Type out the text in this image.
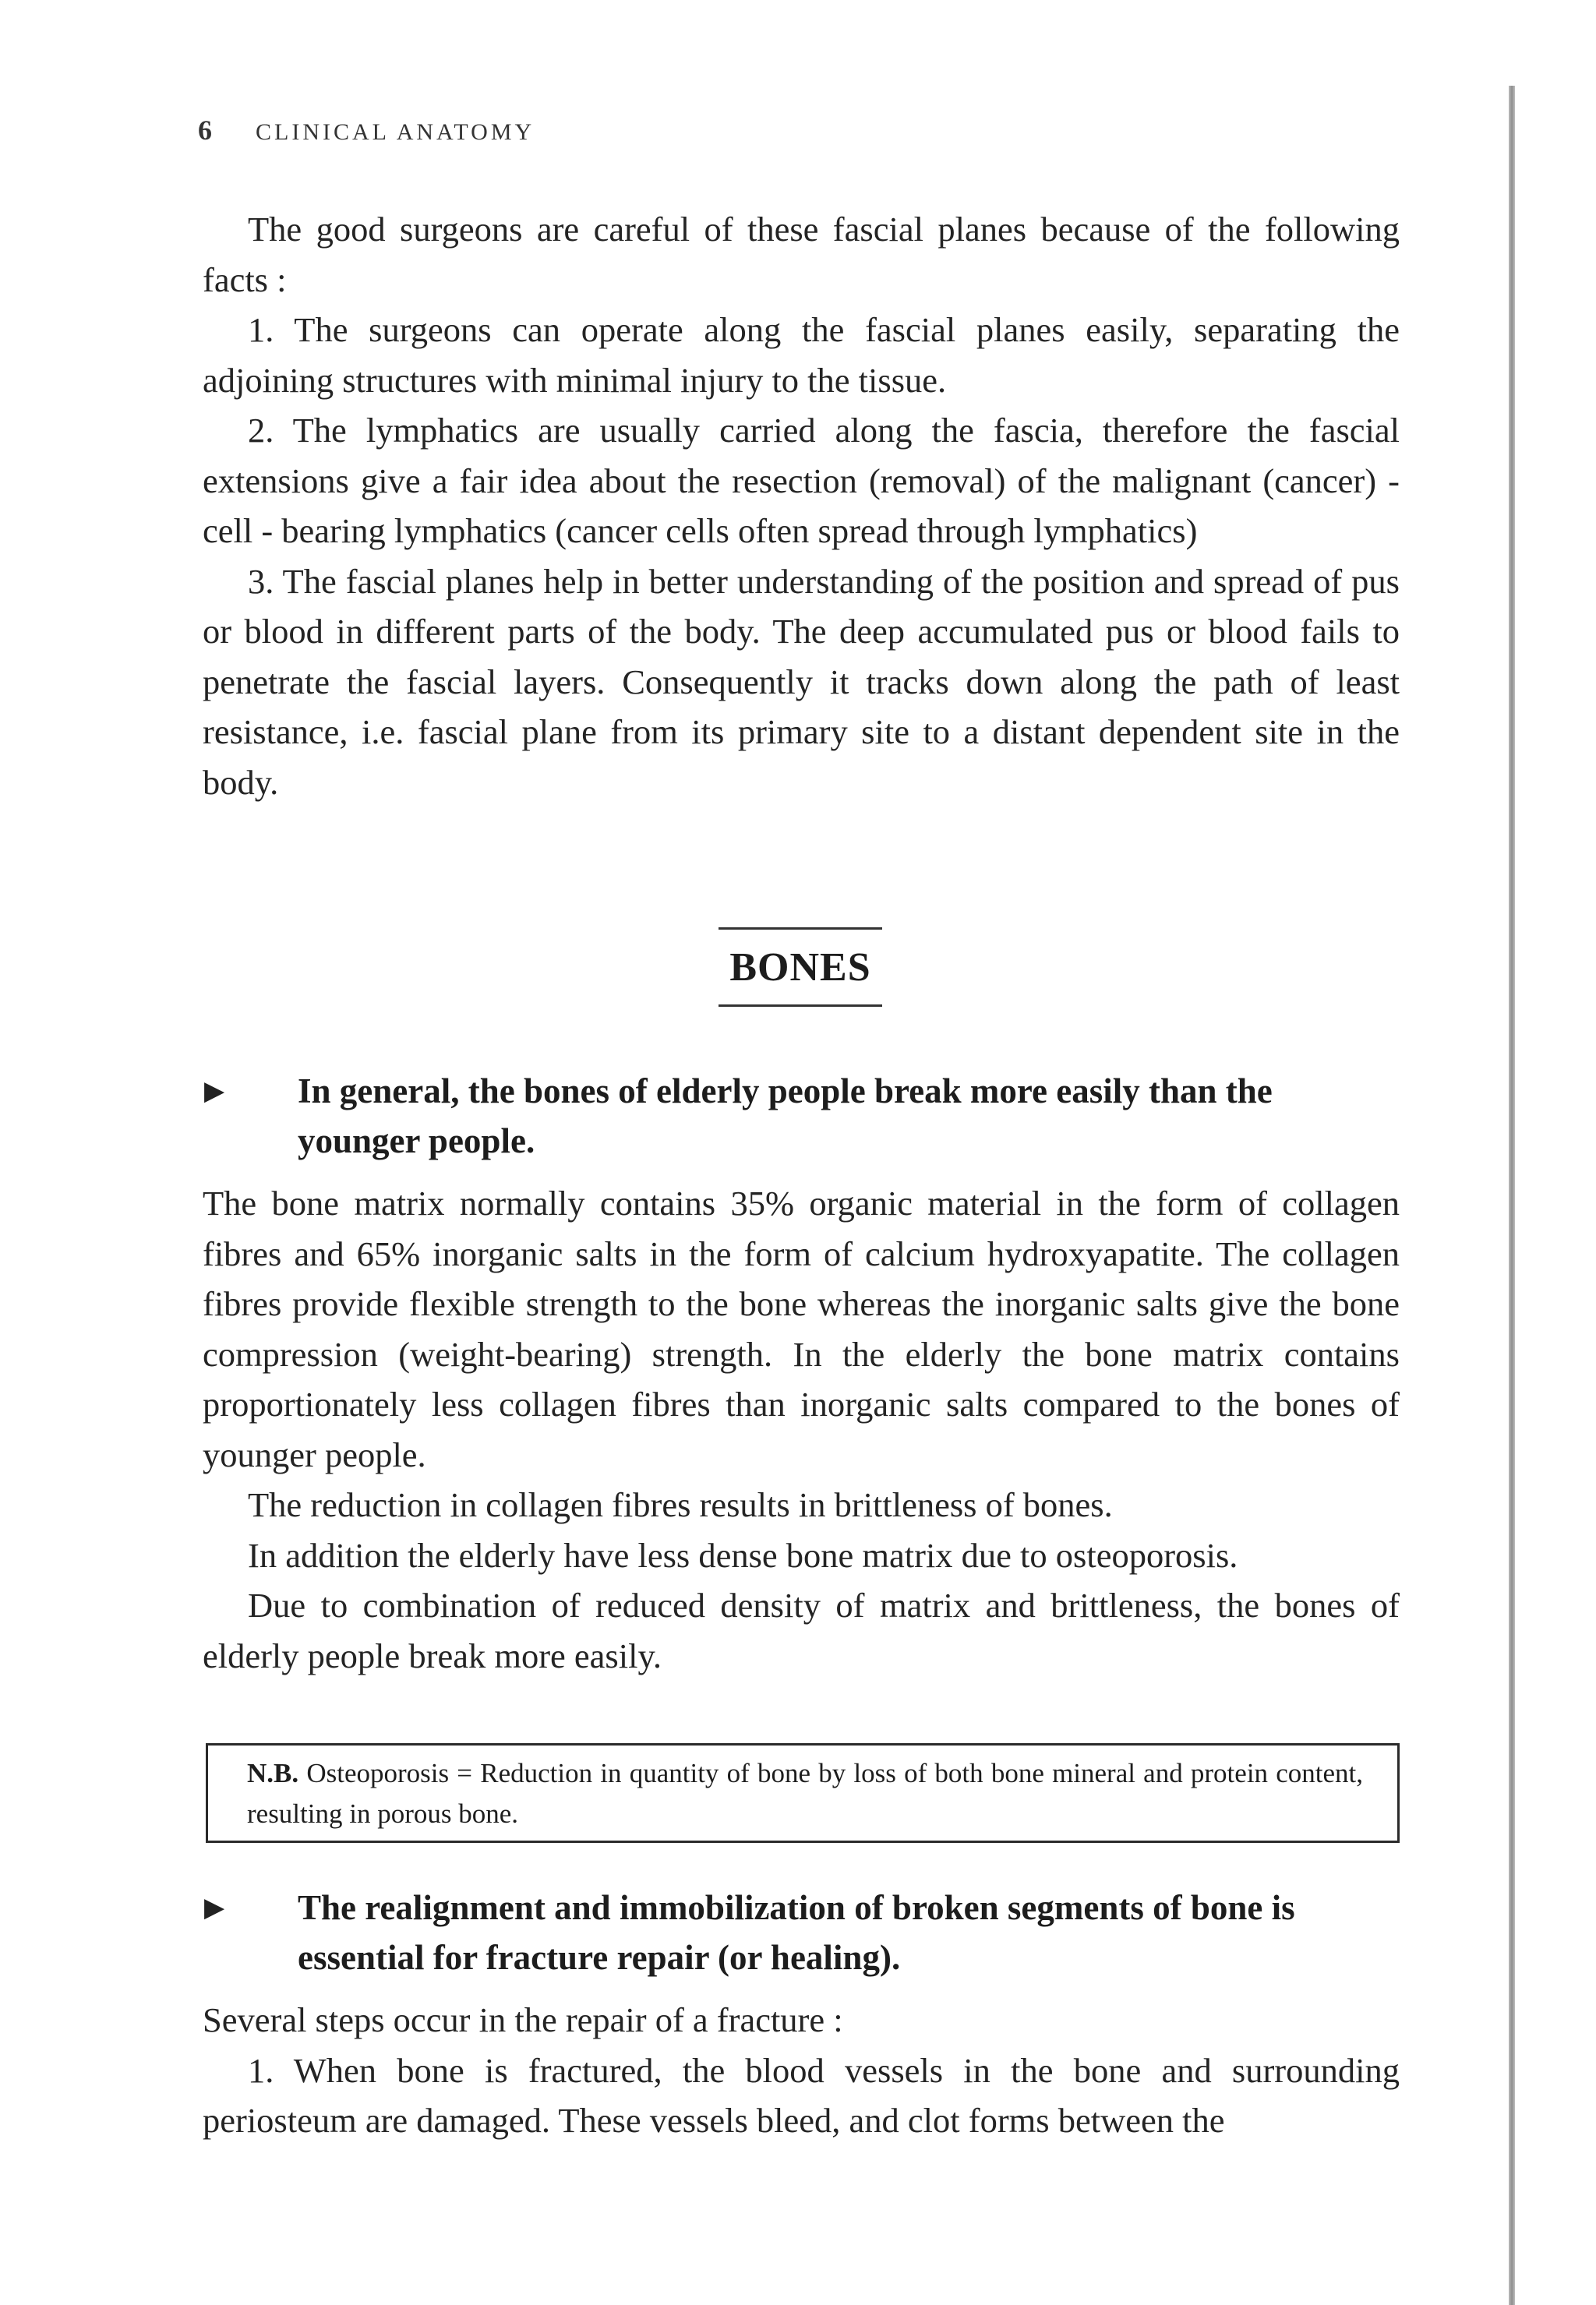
6 CLINICAL ANATOMY

The good surgeons are careful of these fascial planes because of the following facts :

1. The surgeons can operate along the fascial planes easily, separating the adjoining structures with minimal injury to the tissue.

2. The lymphatics are usually carried along the fascia, therefore the fascial extensions give a fair idea about the resection (removal) of the malignant (cancer) - cell - bearing lymphatics (cancer cells often spread through lymphatics)

3. The fascial planes help in better understanding of the position and spread of pus or blood in different parts of the body. The deep accumulated pus or blood fails to penetrate the fascial layers. Consequently it tracks down along the path of least resistance, i.e. fascial plane from its primary site to a distant dependent site in the body.

BONES
▶ In general, the bones of elderly people break more easily than the younger people.

The bone matrix normally contains 35% organic material in the form of collagen fibres and 65% inorganic salts in the form of calcium hydroxyapatite. The collagen fibres provide flexible strength to the bone whereas the inorganic salts give the bone compression (weight-bearing) strength. In the elderly the bone matrix contains proportionately less collagen fibres than inorganic salts compared to the bones of younger people.

The reduction in collagen fibres results in brittleness of bones.

In addition the elderly have less dense bone matrix due to osteoporosis.

Due to combination of reduced density of matrix and brittleness, the bones of elderly people break more easily.

N.B. Osteoporosis = Reduction in quantity of bone by loss of both bone mineral and protein content, resulting in porous bone.
▶ The realignment and immobilization of broken segments of bone is essential for fracture repair (or healing).

Several steps occur in the repair of a fracture :

1. When bone is fractured, the blood vessels in the bone and surrounding periosteum are damaged. These vessels bleed, and clot forms between the
